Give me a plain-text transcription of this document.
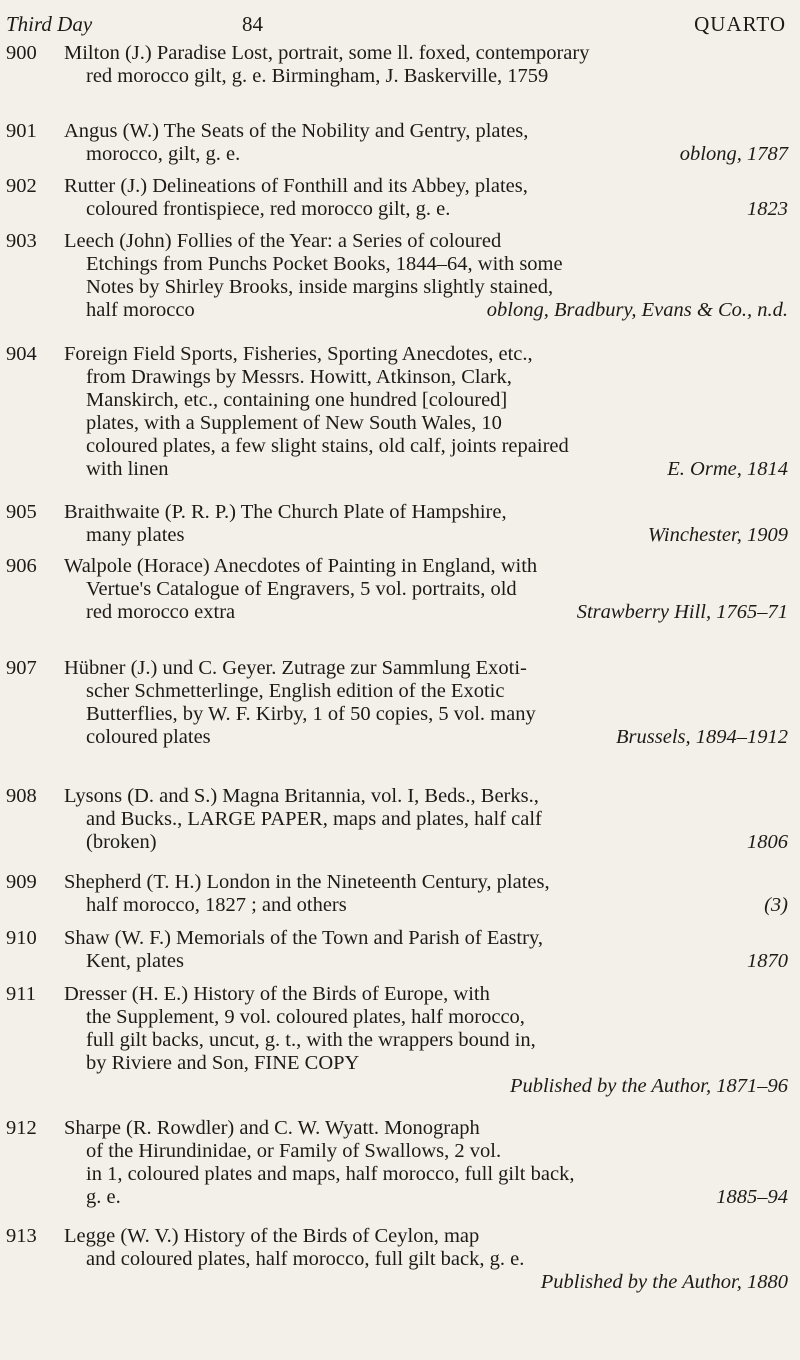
Third Day	84	QUARTO
900	Milton (J.) Paradise Lost, portrait, some ll. foxed, contemporary
red morocco gilt, g. e. Birmingham, J. Baskerville, 1759
901	Angus (W.) The Seats of the Nobility and Gentry, plates,
morocco, gilt, g. e.	oblong, 1787
902	Rutter (J.) Delineations of Fonthill and its Abbey, plates,
coloured frontispiece, red morocco gilt, g. e.	1823
903	Leech (John) Follies of the Year: a Series of coloured
Etchings from Punchs Pocket Books, 1844–64, with some
Notes by Shirley Brooks, inside margins slightly stained,
half morocco	oblong, Bradbury, Evans & Co., n.d.
904	Foreign Field Sports, Fisheries, Sporting Anecdotes, etc.,
from Drawings by Messrs. Howitt, Atkinson, Clark,
Manskirch, etc., containing one hundred [coloured]
plates, with a Supplement of New South Wales, 10
coloured plates, a few slight stains, old calf, joints repaired
with linen	E. Orme, 1814
905	Braithwaite (P. R. P.) The Church Plate of Hampshire,
many plates	Winchester, 1909
906	Walpole (Horace) Anecdotes of Painting in England, with
Vertue's Catalogue of Engravers, 5 vol. portraits, old
red morocco extra	Strawberry Hill, 1765–71
907	Hübner (J.) und C. Geyer. Zutrage zur Sammlung Exoti-
scher Schmetterlinge, English edition of the Exotic
Butterflies, by W. F. Kirby, 1 of 50 copies, 5 vol. many
coloured plates	Brussels, 1894–1912
908	Lysons (D. and S.) Magna Britannia, vol. I, Beds., Berks.,
and Bucks., LARGE PAPER, maps and plates, half calf
(broken)	1806
909	Shepherd (T. H.) London in the Nineteenth Century, plates,
half morocco, 1827 ; and others	(3)
910	Shaw (W. F.) Memorials of the Town and Parish of Eastry,
Kent, plates	1870
911	Dresser (H. E.) History of the Birds of Europe, with
the Supplement, 9 vol. coloured plates, half morocco,
full gilt backs, uncut, g. t., with the wrappers bound in,
by Riviere and Son, FINE COPY
Published by the Author, 1871–96
912	Sharpe (R. Rowdler) and C. W. Wyatt. Monograph
of the Hirundinidae, or Family of Swallows, 2 vol.
in 1, coloured plates and maps, half morocco, full gilt back,
g. e.	1885–94
913	Legge (W. V.) History of the Birds of Ceylon, map
and coloured plates, half morocco, full gilt back, g. e.
Published by the Author, 1880
